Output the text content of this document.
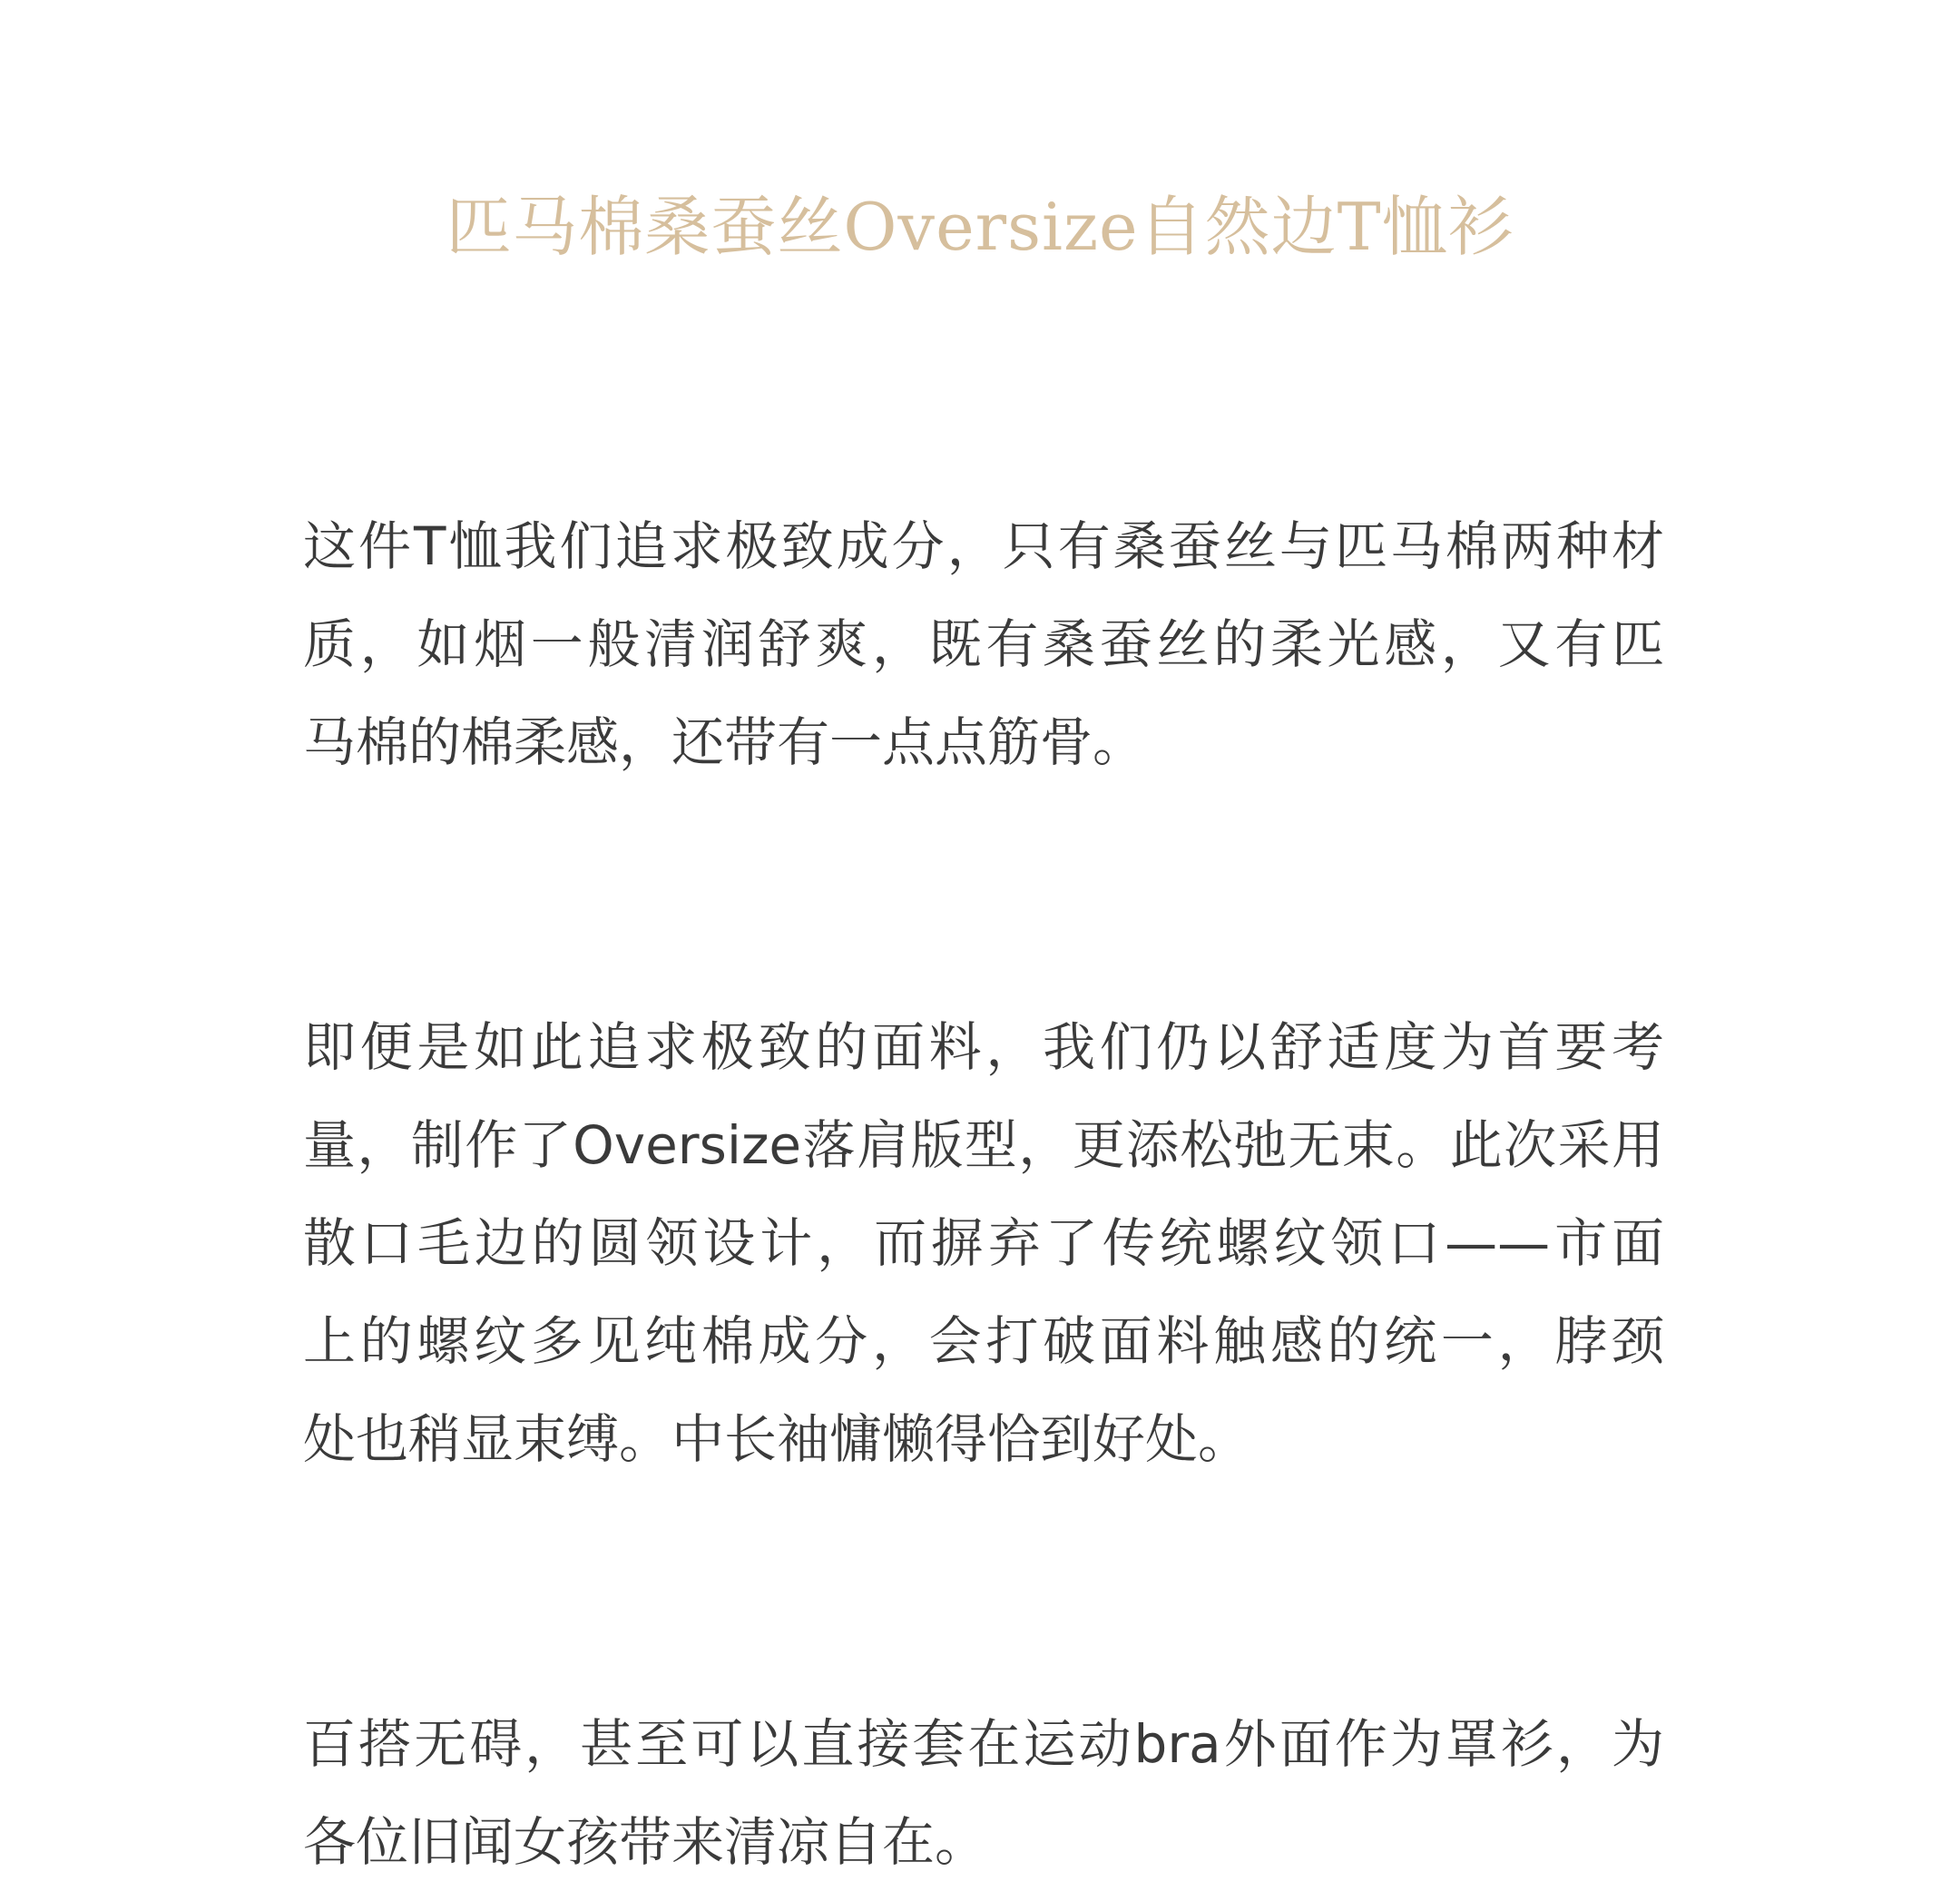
匹马棉桑蚕丝Oversize自然边T恤衫
这件T恤我们追求极致成分，只有桑蚕丝与匹马棉两种材
质，如烟一般清润舒爽，既有桑蚕丝的柔光感，又有匹
马棉的棉柔感，还带有一点点筋骨。
即便是如此追求极致的面料，我们仍以舒适度为首要考
量，制作了Oversize落肩版型，更添松弛无束。此次采用
散口毛边的圆领设计，而摒弃了传统螺纹领口——市面
上的螺纹多见纯棉成分，会打破面料触感的统一，脖颈
处也稍显束缚。中长袖慵懒得恰到好处。
百搭无碍，甚至可以直接套在运动bra外面作为罩衫，为
各位旧闻女孩带来清凉自在。
